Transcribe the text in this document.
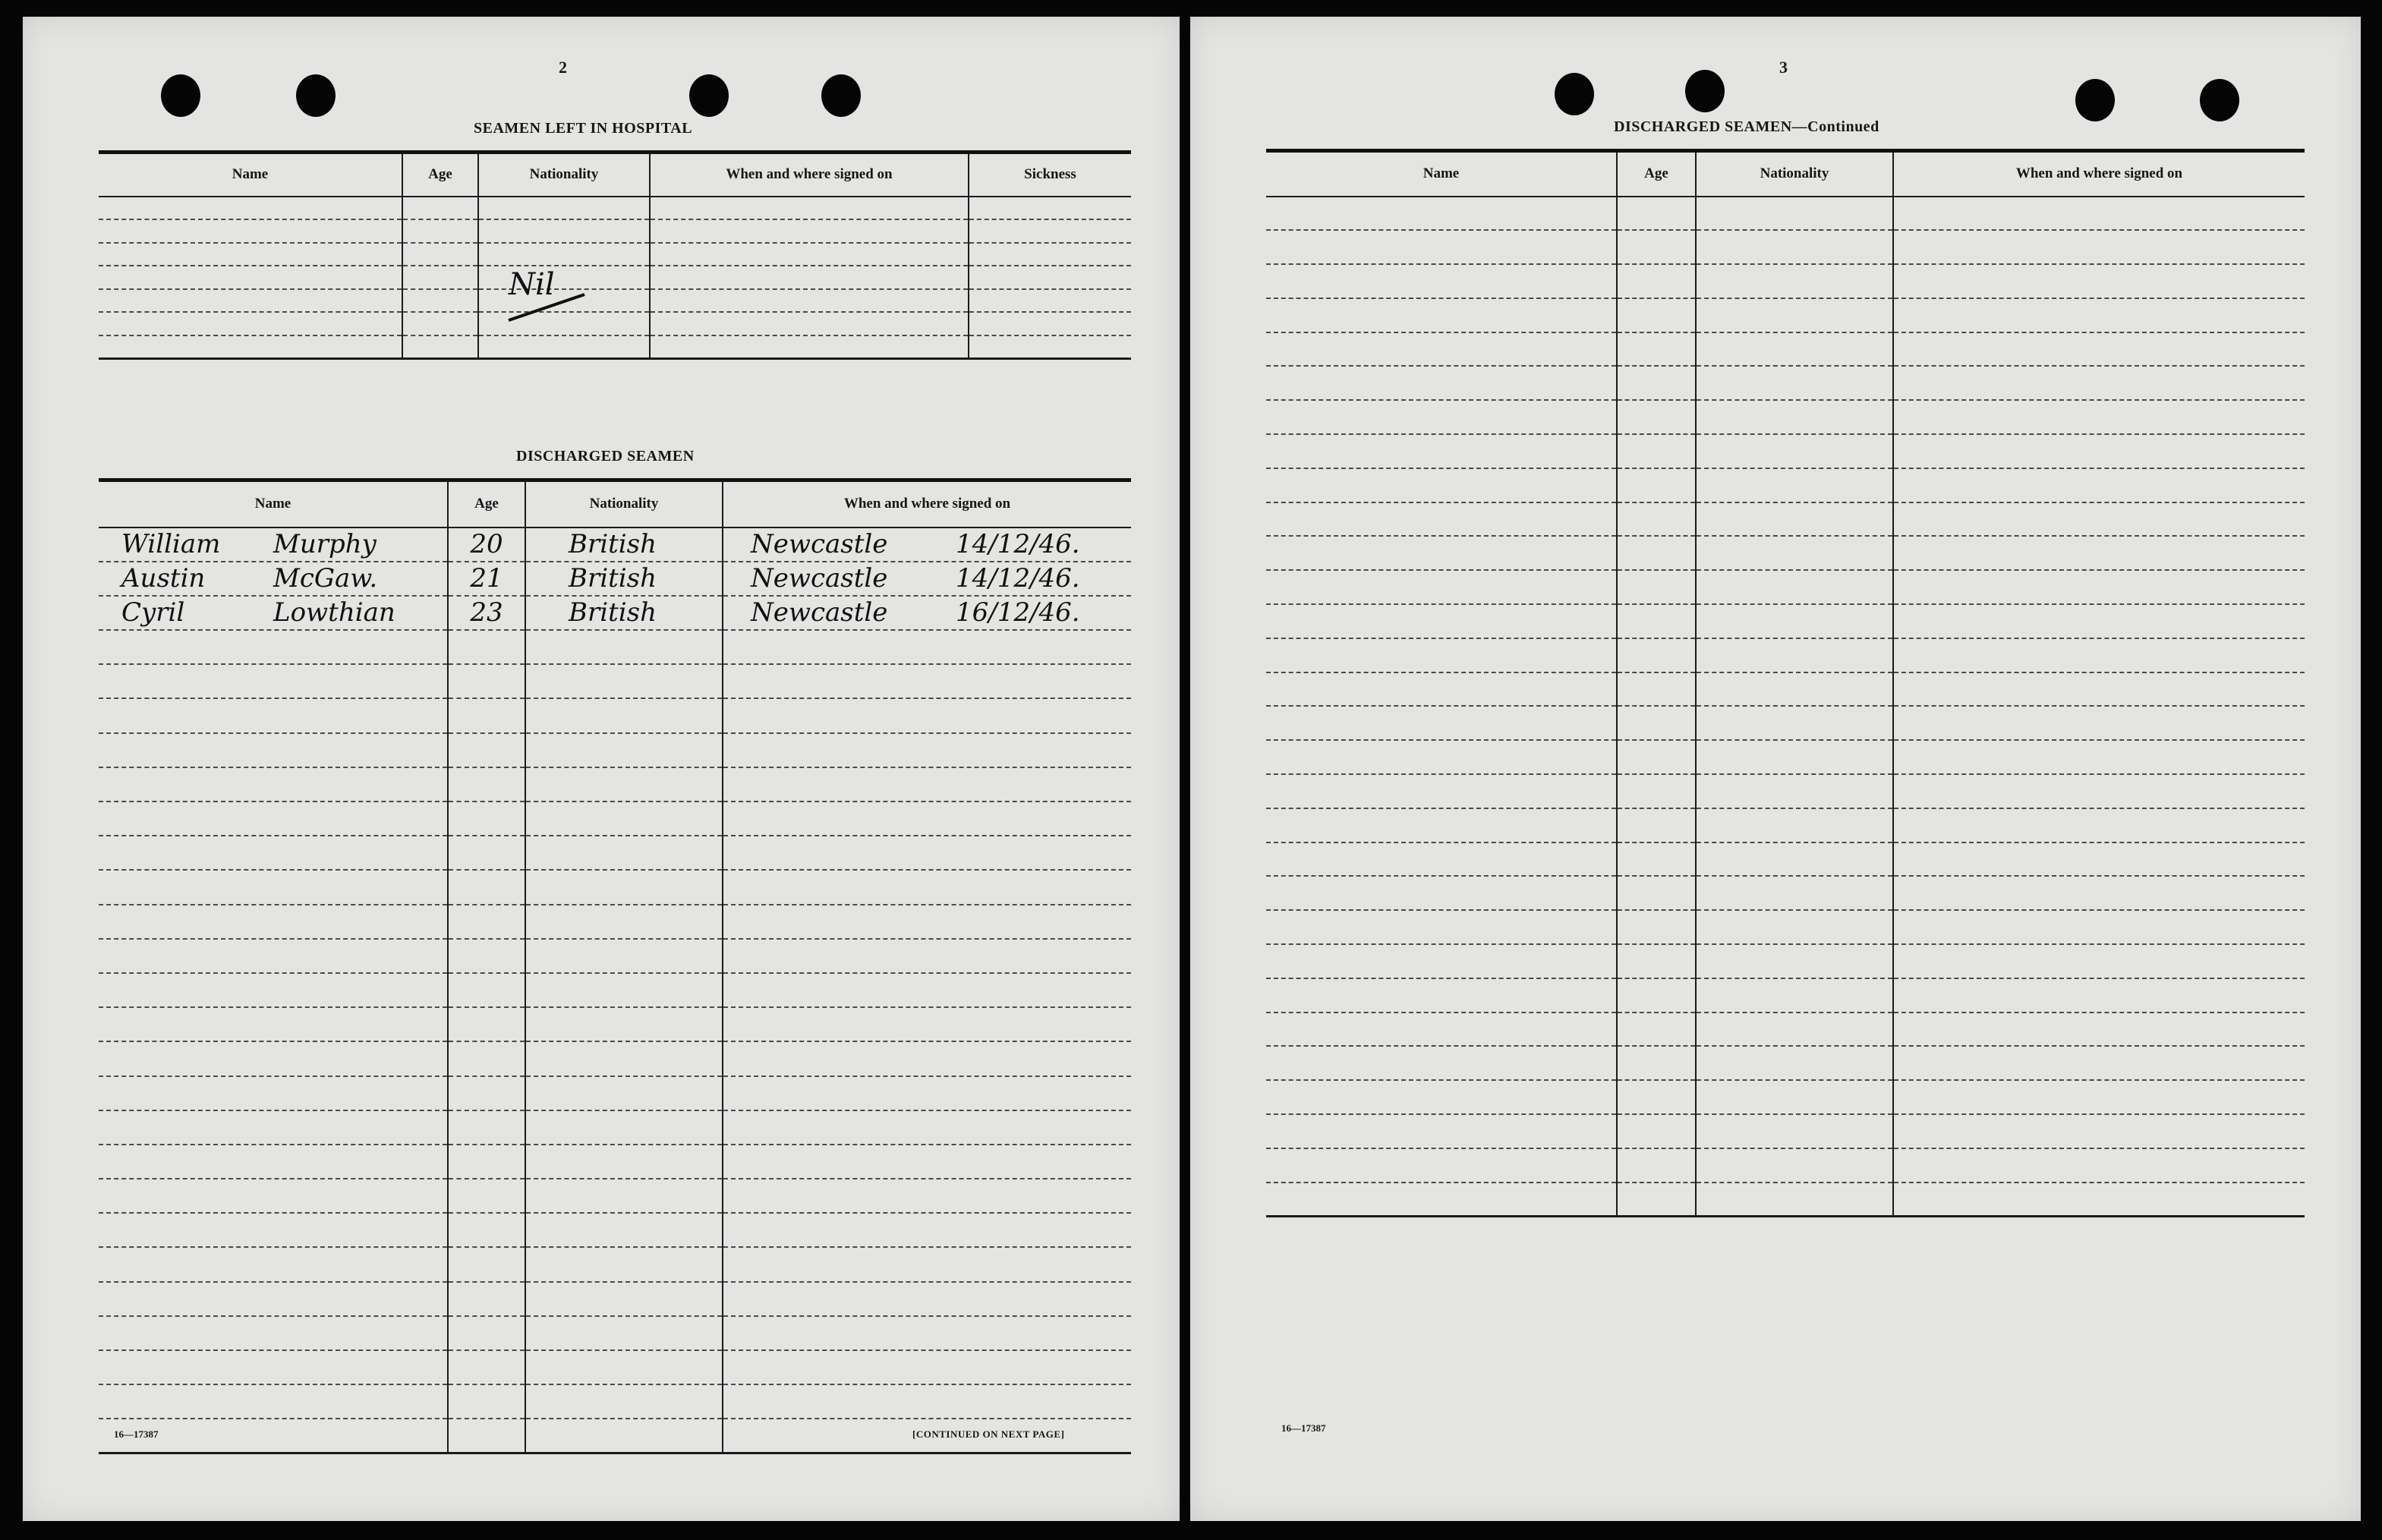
2
SEAMEN LEFT IN HOSPITAL
Name	Age	Nationality	When and where signed on	Sickness

Nil
DISCHARGED SEAMEN
Name	Age	Nationality	When and where signed on
William Murphy	20	British	Newcastle 14/12/46.
Austin McGaw.	21	British	Newcastle 14/12/46.
Cyril Lowthian	23	British	Newcastle 16/12/46.

16—17387	[CONTINUED ON NEXT PAGE]
3
DISCHARGED SEAMEN—Continued
Name	Age	Nationality	When and where signed on

16—17387
